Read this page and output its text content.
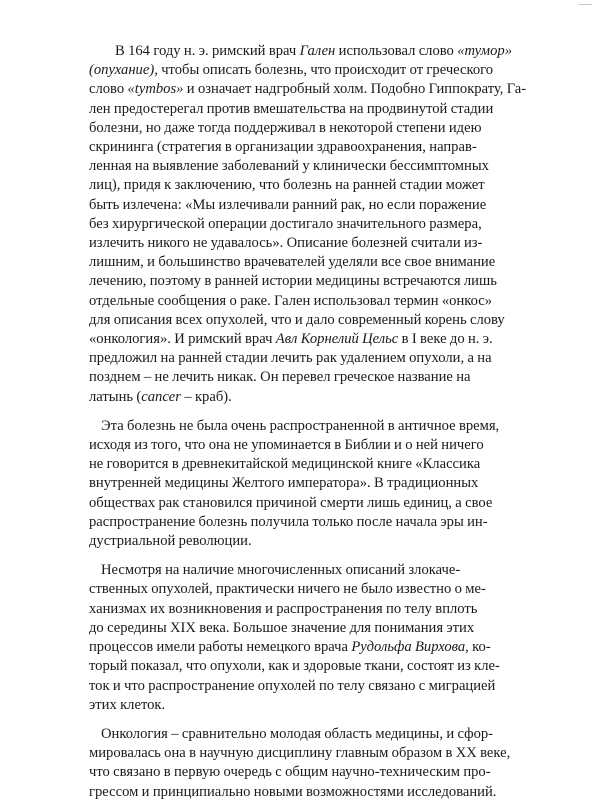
В 164 году н. э. римский врач Гален использовал слово «тумор»
(опухание), чтобы описать болезнь, что происходит от греческого
слово «tymbos» и означает надгробный холм. Подобно Гиппократу, Га-
лен предостерегал против вмешательства на продвинутой стадии
болезни, но даже тогда поддерживал в некоторой степени идею
скрининга (стратегия в организации здравоохранения, направ-
ленная на выявление заболеваний у клинически бессимптомных
лиц), придя к заключению, что болезнь на ранней стадии может
быть излечена: «Мы излечивали ранний рак, но если поражение
без хирургической операции достигало значительного размера,
излечить никого не удавалось». Описание болезней считали из-
лишним, и большинство врачевателей уделяли все свое внимание
лечению, поэтому в ранней истории медицины встречаются лишь
отдельные сообщения о раке. Гален использовал термин «онкос»
для описания всех опухолей, что и дало современный корень слову
«онкология». И римский врач Авл Корнелий Цельс в I веке до н. э.
предложил на ранней стадии лечить рак удалением опухоли, а на
позднем – не лечить никак. Он перевел греческое название на
латынь (cancer – краб).

Эта болезнь не была очень распространенной в античное время,
исходя из того, что она не упоминается в Библии и о ней ничего
не говорится в древнекитайской медицинской книге «Классика
внутренней медицины Желтого императора». В традиционных
обществах рак становился причиной смерти лишь единиц, а свое
распространение болезнь получила только после начала эры ин-
дустриальной революции.

Несмотря на наличие многочисленных описаний злокаче-
ственных опухолей, практически ничего не было известно о ме-
ханизмах их возникновения и распространения по телу вплоть
до середины XIX века. Большое значение для понимания этих
процессов имели работы немецкого врача Рудольфа Вирхова, ко-
торый показал, что опухоли, как и здоровые ткани, состоят из кле-
ток и что распространение опухолей по телу связано с миграцией
этих клеток.

Онкология – сравнительно молодая область медицины, и сфор-
мировалась она в научную дисциплину главным образом в XX веке,
что связано в первую очередь с общим научно-техническим про-
грессом и принципиально новыми возможностями исследований.
